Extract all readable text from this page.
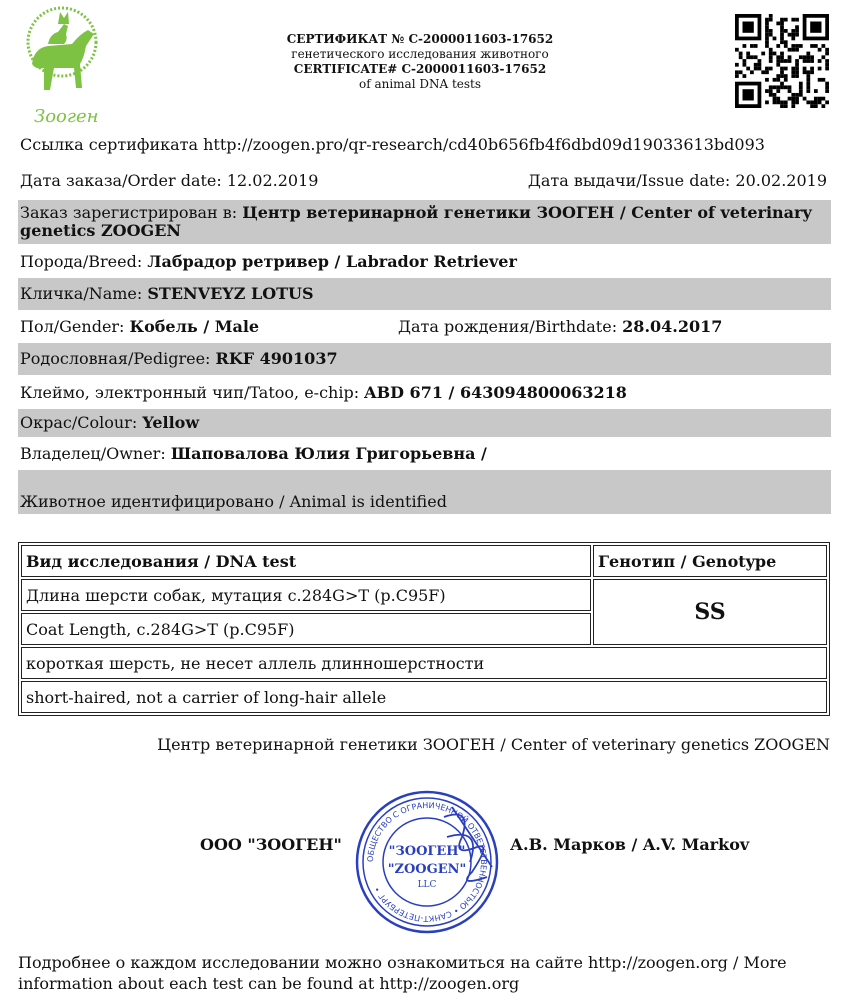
Зооген
СЕРТИФИКАТ № C-2000011603-17652
генетического исследования животного
CERTIFICATE# C-2000011603-17652
of animal DNA tests
Ссылка сертификата http://zoogen.pro/qr-research/cd40b656fb4f6dbd09d19033613bd093
Дата заказа/Order date: 12.02.2019	Дата выдачи/Issue date: 20.02.2019
Заказ зарегистрирован в: Центр ветеринарной генетики ЗООГЕН / Center of veterinary genetics ZOOGEN
Порода/Breed: Лабрадор ретривер / Labrador Retriever
Кличка/Name: STENVEYZ LOTUS
Пол/Gender: Кобель / Male	Дата рождения/Birthdate: 28.04.2017
Родословная/Pedigree: RKF 4901037
Клеймо, электронный чип/Tatoo, e-chip: ABD 671 / 643094800063218
Окрас/Colour: Yellow
Владелец/Owner: Шаповалова Юлия Григорьевна /
Животное идентифицировано / Animal is identified
Вид исследования / DNA test	Генотип / Genotype
Длина шерсти собак, мутация c.284G>T (p.C95F)	SS
Coat Length, c.284G>T (p.C95F)	
короткая шерсть, не несет аллель длинношерстности	
short-haired, not a carrier of long-hair allele	
Центр ветеринарной генетики ЗООГЕН / Center of veterinary genetics ZOOGEN
ООО "ЗООГЕН"	А.В. Марков / A.V. Markov
ОБЩЕСТВО С ОГРАНИЧЕННОЙ ОТВЕТСТВЕННОСТЬЮ • САНКТ-ПЕТЕРБУРГ •
"ЗООГЕН"
"ZOOGEN"
LLC
Подробнее о каждом исследовании можно ознакомиться на сайте http://zoogen.org / More information about each test can be found at http://zoogen.org
